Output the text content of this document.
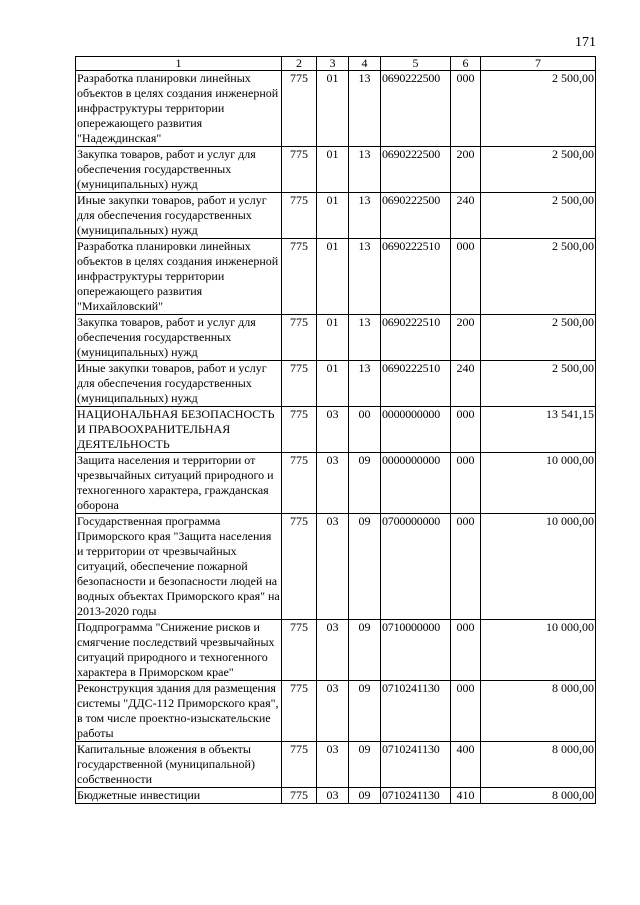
171
1	2	3	4	5	6	7
Разработка планировки линейных объектов в целях создания инженерной инфраструктуры территории опережающего развития "Надеждинская"	775	01	13	0690222500	000	2 500,00
Закупка товаров, работ и услуг для обеспечения государственных (муниципальных) нужд	775	01	13	0690222500	200	2 500,00
Иные закупки товаров, работ и услуг для обеспечения государственных (муниципальных) нужд	775	01	13	0690222500	240	2 500,00
Разработка планировки линейных объектов в целях создания инженерной инфраструктуры территории опережающего развития "Михайловский"	775	01	13	0690222510	000	2 500,00
Закупка товаров, работ и услуг для обеспечения государственных (муниципальных) нужд	775	01	13	0690222510	200	2 500,00
Иные закупки товаров, работ и услуг для обеспечения государственных (муниципальных) нужд	775	01	13	0690222510	240	2 500,00
НАЦИОНАЛЬНАЯ БЕЗОПАСНОСТЬ И ПРАВООХРАНИТЕЛЬНАЯ ДЕЯТЕЛЬНОСТЬ	775	03	00	0000000000	000	13 541,15
Защита населения и территории от чрезвычайных ситуаций природного и техногенного характера, гражданская оборона	775	03	09	0000000000	000	10 000,00
Государственная программа Приморского края "Защита населения и территории от чрезвычайных ситуаций, обеспечение пожарной безопасности и безопасности людей на водных объектах Приморского края" на 2013-2020 годы	775	03	09	0700000000	000	10 000,00
Подпрограмма "Снижение рисков и смягчение последствий чрезвычайных ситуаций природного и техногенного характера в Приморском крае"	775	03	09	0710000000	000	10 000,00
Реконструкция здания для размещения системы "ДДС-112 Приморского края", в том числе проектно-изыскательские работы	775	03	09	0710241130	000	8 000,00
Капитальные вложения в объекты государственной (муниципальной) собственности	775	03	09	0710241130	400	8 000,00
Бюджетные инвестиции	775	03	09	0710241130	410	8 000,00
